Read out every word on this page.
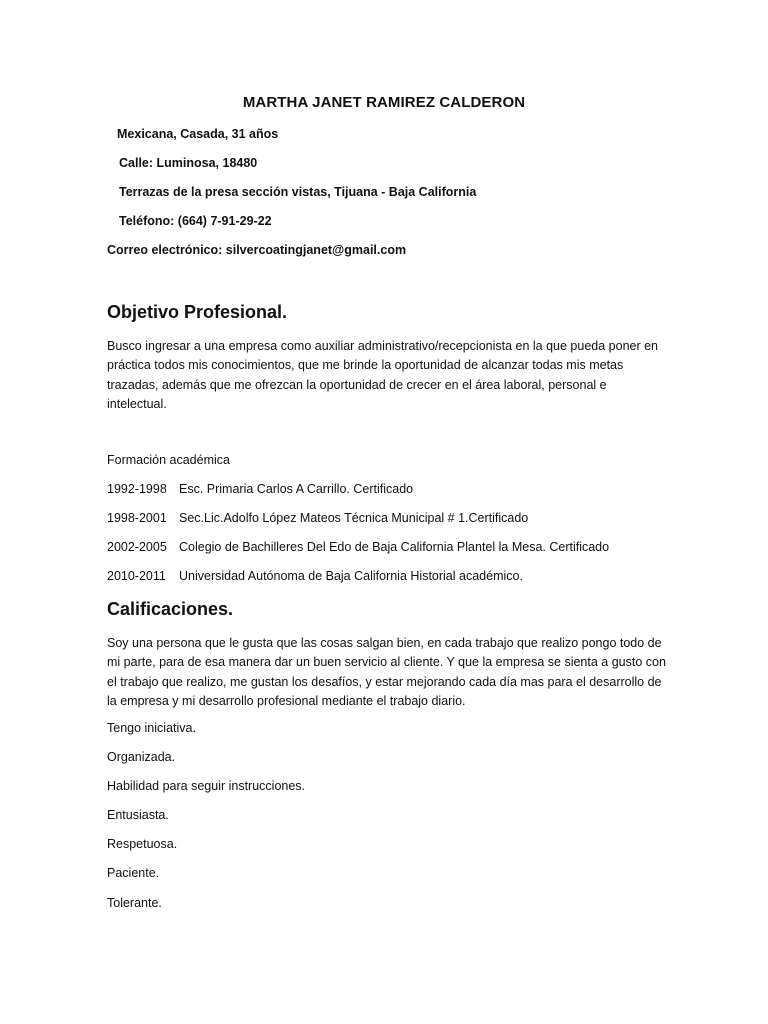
MARTHA JANET RAMIREZ CALDERON
Mexicana, Casada, 31 años
Calle: Luminosa, 18480
Terrazas de la presa sección vistas, Tijuana - Baja California
Teléfono: (664) 7-91-29-22
Correo electrónico: silvercoatingjanet@gmail.com
Objetivo Profesional.
Busco ingresar a una empresa como auxiliar administrativo/recepcionista en la que pueda poner en práctica todos mis conocimientos, que me brinde la oportunidad de alcanzar todas mis metas trazadas, además que me ofrezcan la oportunidad de crecer en el área laboral, personal e intelectual.
Formación académica
1992-1998 Esc. Primaria Carlos A Carrillo. Certificado
1998-2001 Sec.Lic.Adolfo López Mateos Técnica Municipal # 1.Certificado
2002-2005 Colegio de Bachilleres Del Edo de Baja California Plantel la Mesa. Certificado
2010-2011 Universidad Autónoma de Baja California Historial académico.
Calificaciones.
Soy una persona que le gusta que las cosas salgan bien, en cada trabajo que realizo pongo todo de mi parte, para de esa manera dar un buen servicio al cliente. Y que la empresa se sienta a gusto con el trabajo que realizo, me gustan los desafíos, y estar mejorando cada día mas para el desarrollo de la empresa y mi desarrollo profesional mediante el trabajo diario.
Tengo iniciativa.
Organizada.
Habilidad para seguir instrucciones.
Entusiasta.
Respetuosa.
Paciente.
Tolerante.
